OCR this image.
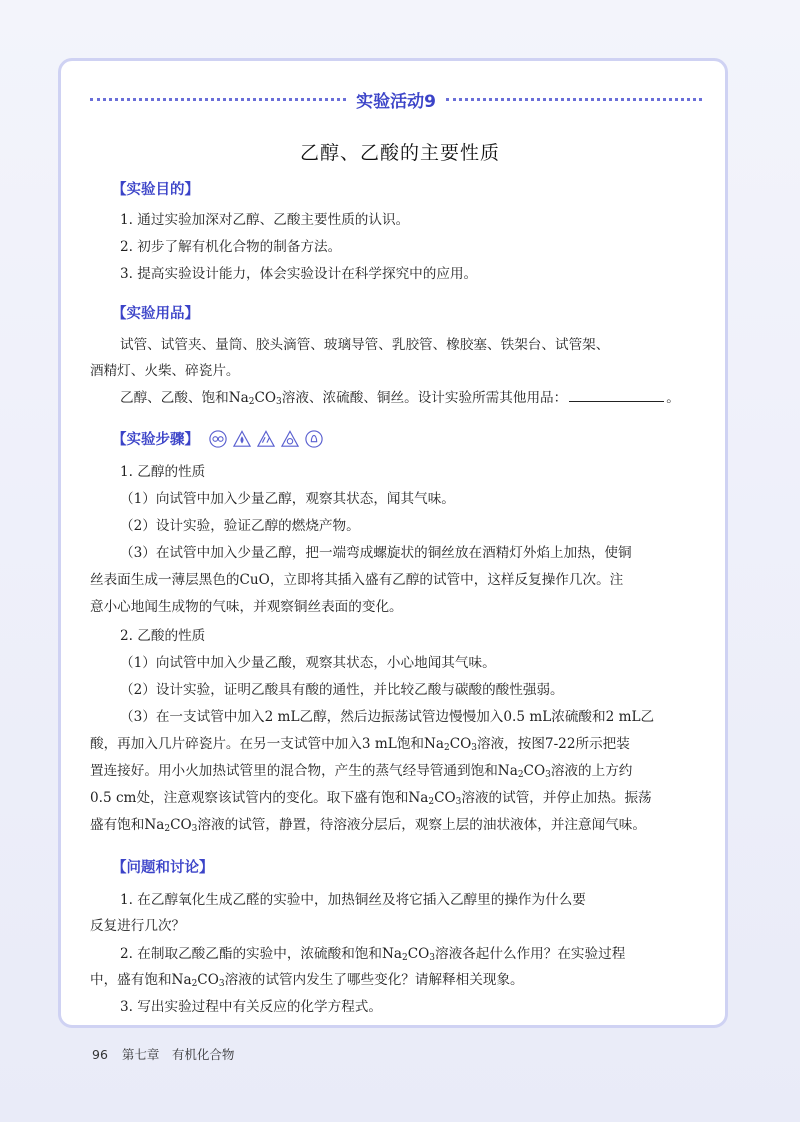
实验活动9
乙醇、乙酸的主要性质
【 实验目的 】
1. 通过实验加深对乙醇、乙酸主要性质的认识。
2. 初步了解有机化合物的制备方法。
3. 提高实验设计能力，体会实验设计在科学探究中的应用。
【 实验用品 】
试管、试管夹、量筒、胶头滴管、玻璃导管、乳胶管、橡胶塞、铁架台、试管架、
酒精灯、火柴、碎瓷片。
乙醇、乙酸、饱和$Na_2CO_3$溶液、浓硫酸、铜丝。设计实验所需其他用品：	。
【 实验步骤 】
1. 乙醇的性质
（1）向试管中加入少量乙醇，观察其状态，闻其气味。
（2）设计实验，验证乙醇的燃烧产物。
（3）在试管中加入少量乙醇，把一端弯成螺旋状的铜丝放在酒精灯外焰上加热，使铜
丝表面生成一薄层黑色的CuO，立即将其插入盛有乙醇的试管中，这样反复操作几次。注
意小心地闻生成物的气味，并观察铜丝表面的变化。
2. 乙酸的性质
（1）向试管中加入少量乙酸，观察其状态，小心地闻其气味。
（2）设计实验，证明乙酸具有酸的通性，并比较乙酸与碳酸的酸性强弱。
（3）在一支试管中加入2 mL乙醇，然后边振荡试管边慢慢加入0.5 mL浓硫酸和2 mL乙
酸，再加入几片碎瓷片。在另一支试管中加入3 mL饱和$Na_2CO_3$溶液，按图7-22所示把装
置连接好。用小火加热试管里的混合物，产生的蒸气经导管通到饱和$Na_2CO_3$溶液的上方约
0.5 cm处，注意观察该试管内的变化。取下盛有饱和$Na_2CO_3$溶液的试管，并停止加热。振荡
盛有饱和$Na_2CO_3$溶液的试管，静置，待溶液分层后，观察上层的油状液体，并注意闻气味。
【 问题和讨论 】
1. 在乙醇氧化生成乙醛的实验中，加热铜丝及将它插入乙醇里的操作为什么要
反复进行几次？
2. 在制取乙酸乙酯的实验中，浓硫酸和饱和$Na_2CO_3$溶液各起什么作用？在实验过程
中，盛有饱和$Na_2CO_3$溶液的试管内发生了哪些变化？请解释相关现象。
3. 写出实验过程中有关反应的化学方程式。
96 第七章　有机化合物
